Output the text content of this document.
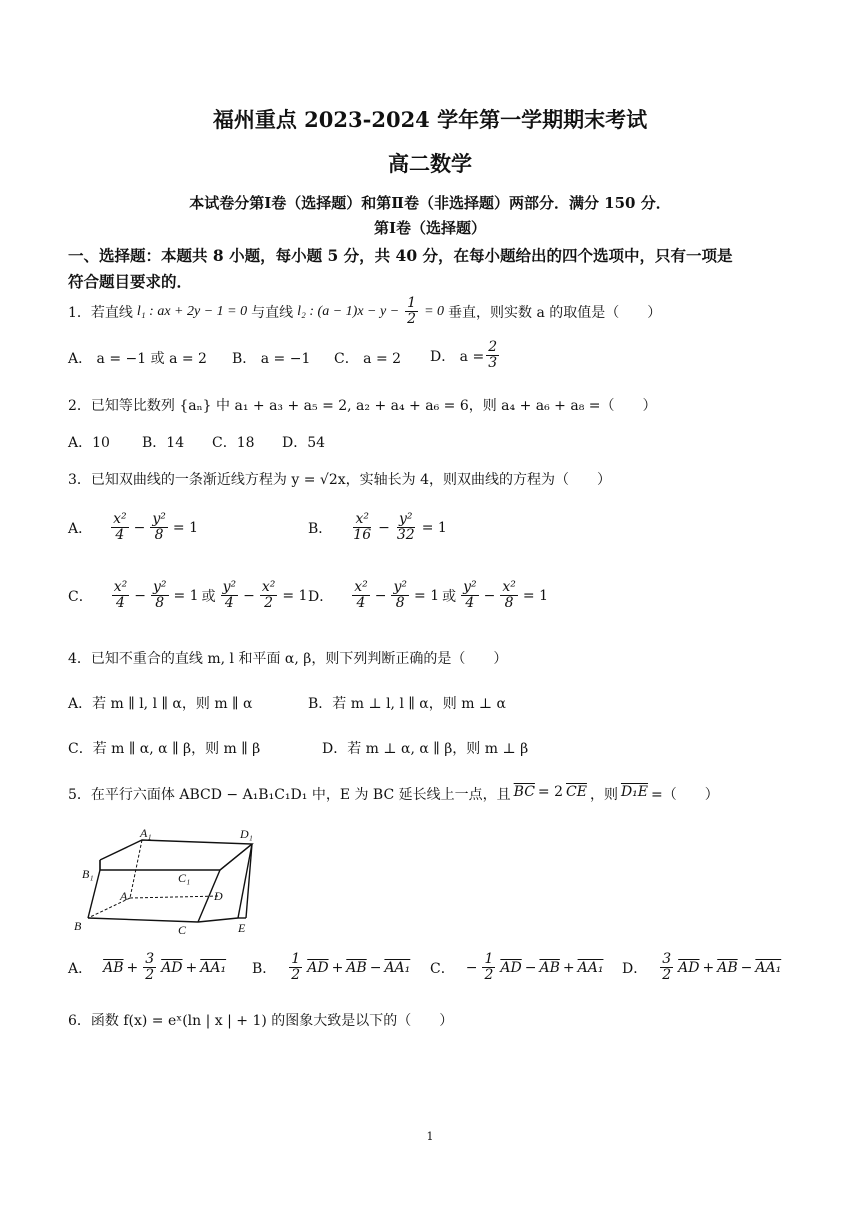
福州重点 2023-2024 学年第一学期期末考试
高二数学
本试卷分第Ⅰ卷（选择题）和第Ⅱ卷（非选择题）两部分．满分 150 分．
第Ⅰ卷（选择题）
一、选择题：本题共 8 小题，每小题 5 分，共 40 分，在每小题给出的四个选项中，只有一项是
符合题目要求的．
1．若直线 l₁ : ax + 2y − 1 = 0 与直线 l₂ : $(a - 1)x - y - \frac{1}{2} = 0$ 垂直，则实数 a 的取值是（　　）
A． a = −1 或 a = 2 B． a = −1 C． a = 2 D． $a = \frac{2}{3}$
2．已知等比数列 {aₙ} 中 a₁ + a₃ + a₅ = 2, a₂ + a₄ + a₆ = 6，则 a₄ + a₆ + a₈ =（　　）
A．10 B．14 C．18 D．54
3．已知双曲线的一条渐近线方程为 y = √2x，实轴长为 4，则双曲线的方程为（　　）
A． $\frac{\text{x²}}{4} - \frac{\text{y²}}{8} = 1$	B． $\frac{\text{x²}}{16} - \frac{\text{y²}}{32} = 1$
C． $\frac{\text{x²}}{4} - \frac{\text{y²}}{8} = 1$ 或 $\frac{\text{y²}}{4} - \frac{\text{x²}}{2} = 1$ D． $\frac{\text{x²}}{4} - \frac{\text{y²}}{8} = 1$ 或 $\frac{\text{y²}}{4} - \frac{\text{x²}}{8} = 1$
4．已知不重合的直线 m, l 和平面 α, β，则下列判断正确的是（　　）
A．若 m ∥ l, l ∥ α，则 m ∥ α	B．若 m ⊥ l, l ∥ α，则 m ⊥ α
C．若 m ∥ α, α ∥ β，则 m ∥ β	D．若 m ⊥ α, α ∥ β，则 m ⊥ β
5．在平行六面体 ABCD − A₁B₁C₁D₁ 中，E 为 BC 延长线上一点，且 $\overline{BC} = 2$ $\overline{CE}$ ，则 D₁E =（　　）
A₁	D₁
B₁	C₁
A	D
B	C	E
A． $\overline{AB} + \frac{3}{2} \overline{AD} + AA_1$ B． $\frac{1}{2} \overline{AD} + \overline{AB} - AA_1$ C． − $\frac{1}{2} \overline{AD} - \overline{AB} + AA_1$ D． $\frac{3}{2} \overline{AD} + \overline{AB} - AA_1$
6．函数 f(x) = eˣ(ln | x | + 1) 的图象大致是以下的（　　）
1
